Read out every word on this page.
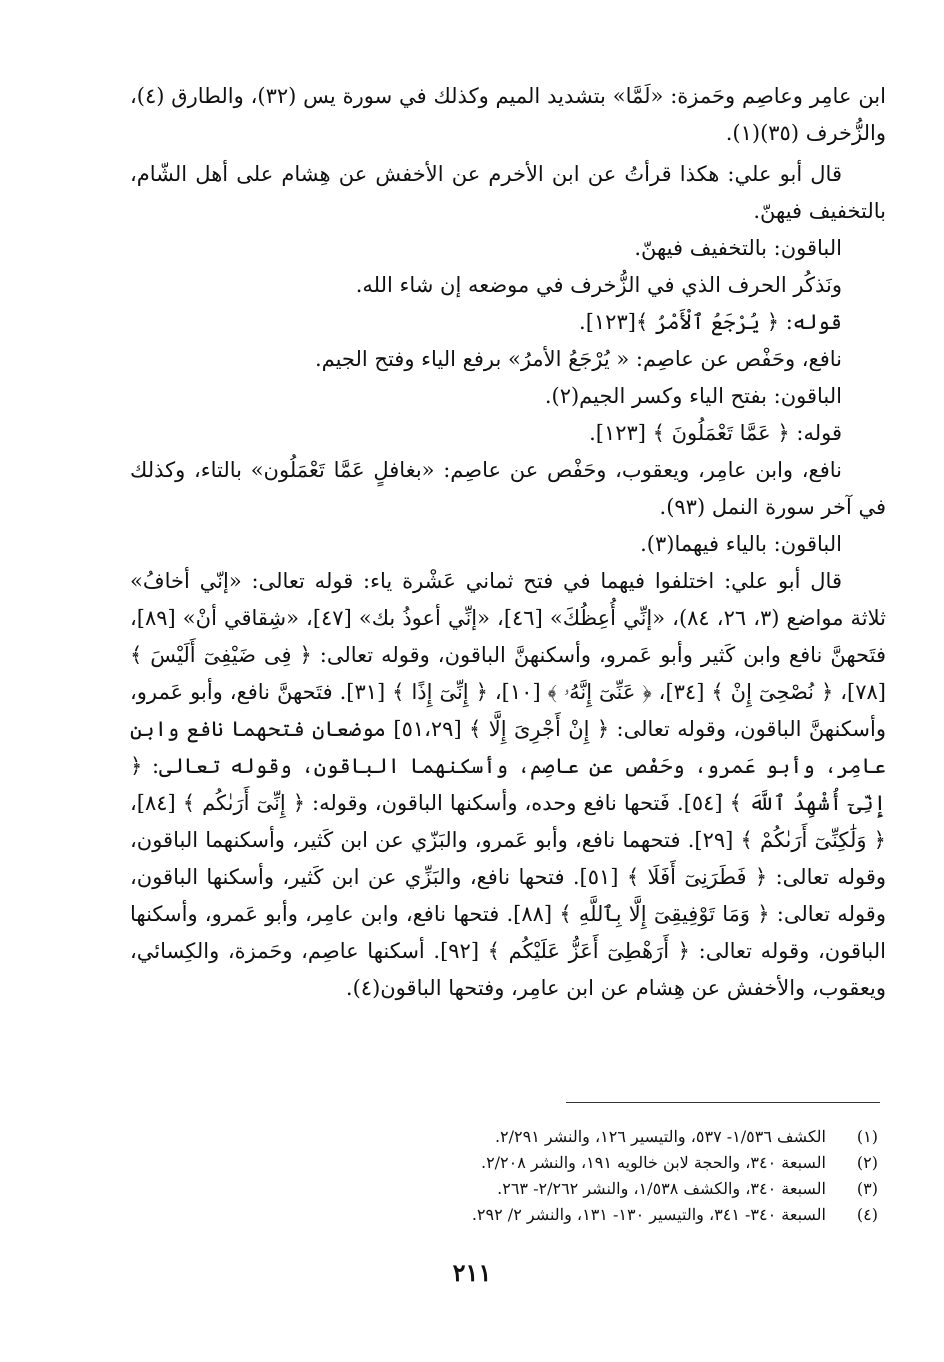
ابن عامِر وعاصِم وحَمزة: «لَمَّا» بتشديد الميم وكذلك في سورة يس (٣٢)، والطارق (٤)، والزُّخرف (٣٥)(١).

قال أبو علي: هكذا قرأتُ عن ابن الأخرم عن الأخفش عن هِشام على أهل الشّام، بالتخفيف فيهنّ.

الباقون: بالتخفيف فيهنّ.

ونَذكُر الحرف الذي في الزُّخرف في موضعه إن شاء الله.

قوله: ﴿ يُرْجَعُ ٱلْأَمْرُ ﴾[١٢٣].

نافع، وحَفْص عن عاصِم: « يُرْجَعُ الأمرُ» برفع الياء وفتح الجيم.

الباقون: بفتح الياء وكسر الجيم(٢).

قوله: ﴿ عَمَّا تَعْمَلُونَ ﴾ [١٢٣].

نافع، وابن عامِر، ويعقوب، وحَفْص عن عاصِم: «بغافلٍ عَمَّا تَعْمَلُون» بالتاء، وكذلك في آخر سورة النمل (٩٣).

الباقون: بالياء فيهما(٣).

قال أبو علي: اختلفوا فيهما في فتح ثماني عَشْرة ياء: قوله تعالى: «إنّي أخافُ» ثلاثة مواضع (٣، ٢٦، ٨٤)، «إنِّي أُعِظُكَ» [٤٦]، «إنِّي أعوذُ بك» [٤٧]، «شِقاقي أنْ» [٨٩]، فتَحهنَّ نافع وابن كَثير وأبو عَمرو، وأسكنهنَّ الباقون، وقوله تعالى: ﴿ فِى ضَيْفِىٓ أَلَيْسَ ﴾ [٧٨]، ﴿ نُصْحِىٓ إِنْ ﴾ [٣٤]، ﴿ عَنِّىٓ إِنَّهُۥ ﴾ [١٠]، ﴿ إِنِّىٓ إِذًا ﴾ [٣١]. فتَحهنَّ نافع، وأبو عَمرو، وأسكنهنَّ الباقون، وقوله تعالى: ﴿ إِنْ أَجْرِىَ إِلَّا ﴾ [٥١،٢٩] موضعان فتحهما نافع وابن عامِر، وأبو عَمرو، وحَفْص عن عاصِم، وأسكنهما الباقون، وقوله تعالى: ﴿ إِنِّىٓ أُشْهِدُ ٱللَّهَ ﴾ [٥٤]. فَتحها نافع وحده، وأسكنها الباقون، وقوله: ﴿ إِنِّىٓ أَرَىٰكُم ﴾ [٨٤]، ﴿ وَلَٰكِنِّىٓ أَرَىٰكُمْ ﴾ [٢٩]. فتحهما نافع، وأبو عَمرو، والبَزّي عن ابن كَثير، وأسكنهما الباقون، وقوله تعالى: ﴿ فَطَرَنِىٓ أَفَلَا ﴾ [٥١]. فتحها نافع، والبَزِّي عن ابن كَثير، وأسكنها الباقون، وقوله تعالى: ﴿ وَمَا تَوْفِيقِىٓ إِلَّا بِٱللَّهِ ﴾ [٨٨]. فتحها نافع، وابن عامِر، وأبو عَمرو، وأسكنها الباقون، وقوله تعالى: ﴿ أَرَهْطِىٓ أَعَزُّ عَلَيْكُم ﴾ [٩٢]. أسكنها عاصِم، وحَمزة، والكِسائي، ويعقوب، والأخفش عن هِشام عن ابن عامِر، وفتحها الباقون(٤).

(١)
الكشف ١/٥٣٦- ٥٣٧، والتيسير ١٢٦، والنشر ٢/٢٩١.
(٢)
السبعة ٣٤٠، والحجة لابن خالويه ١٩١، والنشر ٢/٢٠٨.
(٣)
السبعة ٣٤٠، والكشف ١/٥٣٨، والنشر ٢/٢٦٢- ٢٦٣.
(٤)
السبعة ٣٤٠- ٣٤١، والتيسير ١٣٠- ١٣١، والنشر ٢/ ٢٩٢.
٢١١
